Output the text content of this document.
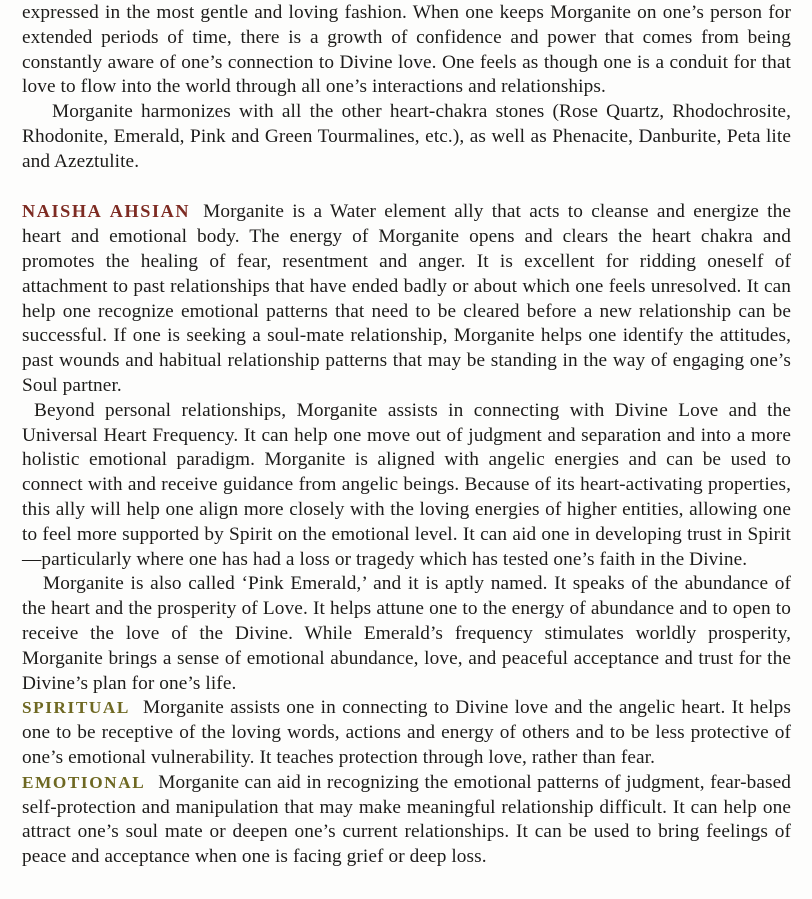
expressed in the most gentle and loving fashion. When one keeps Morganite on one’s person for extended periods of time, there is a growth of confidence and power that comes from being constantly aware of one’s connection to Divine love. One feels as though one is a conduit for that love to flow into the world through all one’s interactions and relationships.

Morganite harmonizes with all the other heart-chakra stones (Rose Quartz, Rhodochrosite, Rhodonite, Emerald, Pink and Green Tourmalines, etc.), as well as Phenacite, Danburite, Peta lite and Azeztulite.

NAISHA AHSIAN Morganite is a Water element ally that acts to cleanse and energize the heart and emotional body. The energy of Morganite opens and clears the heart chakra and promotes the healing of fear, resentment and anger. It is excellent for ridding oneself of attachment to past relationships that have ended badly or about which one feels unresolved. It can help one recognize emotional patterns that need to be cleared before a new relationship can be successful. If one is seeking a soul-mate relationship, Morganite helps one identify the attitudes, past wounds and habitual relationship patterns that may be standing in the way of engaging one’s Soul partner.

Beyond personal relationships, Morganite assists in connecting with Divine Love and the Universal Heart Frequency. It can help one move out of judgment and separation and into a more holistic emotional paradigm. Morganite is aligned with angelic energies and can be used to connect with and receive guidance from angelic beings. Because of its heart-activating properties, this ally will help one align more closely with the loving energies of higher entities, allowing one to feel more supported by Spirit on the emotional level. It can aid one in developing trust in Spirit—particularly where one has had a loss or tragedy which has tested one’s faith in the Divine.

Morganite is also called ‘Pink Emerald,’ and it is aptly named. It speaks of the abundance of the heart and the prosperity of Love. It helps attune one to the energy of abundance and to open to receive the love of the Divine. While Emerald’s frequency stimulates worldly prosperity, Morganite brings a sense of emotional abundance, love, and peaceful acceptance and trust for the Divine’s plan for one’s life.

SPIRITUAL Morganite assists one in connecting to Divine love and the angelic heart. It helps one to be receptive of the loving words, actions and energy of others and to be less protective of one’s emotional vulnerability. It teaches protection through love, rather than fear.

EMOTIONAL Morganite can aid in recognizing the emotional patterns of judgment, fear-based self-protection and manipulation that may make meaningful relationship difficult. It can help one attract one’s soul mate or deepen one’s current relationships. It can be used to bring feelings of peace and acceptance when one is facing grief or deep loss.
